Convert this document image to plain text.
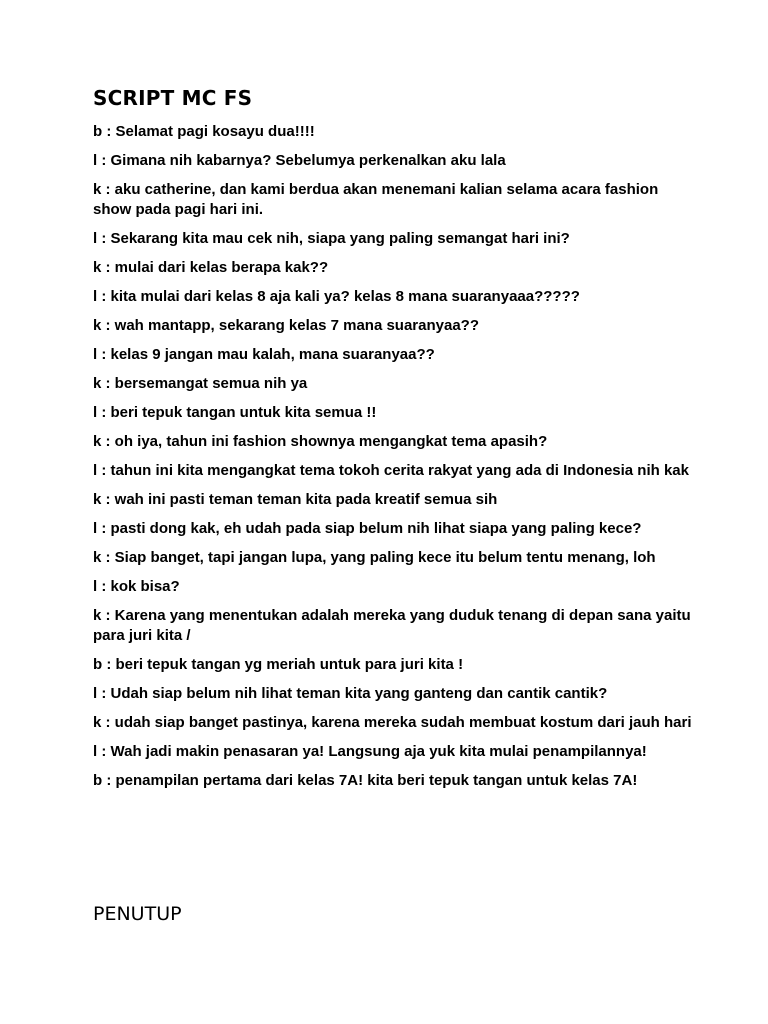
SCRIPT MC FS

b : Selamat pagi kosayu dua!!!!

l : Gimana nih kabarnya? Sebelumya perkenalkan aku lala

k : aku catherine, dan kami berdua akan menemani kalian selama acara fashion show pada pagi hari ini.

l : Sekarang kita mau cek nih, siapa yang paling semangat hari ini?

k : mulai dari kelas berapa kak??

l : kita mulai dari kelas 8 aja kali ya? kelas 8 mana suaranyaaa?????

k : wah mantapp, sekarang kelas 7 mana suaranyaa??

l : kelas 9 jangan mau kalah, mana suaranyaa??

k : bersemangat semua nih ya

l : beri tepuk tangan untuk kita semua !!

k : oh iya, tahun ini fashion shownya mengangkat tema apasih?

l : tahun ini kita mengangkat tema tokoh cerita rakyat yang ada di Indonesia nih kak

k : wah ini pasti teman teman kita pada kreatif semua sih

l : pasti dong kak, eh udah pada siap belum nih lihat siapa yang paling kece?

k : Siap banget, tapi jangan lupa, yang paling kece itu belum tentu menang, loh

l : kok bisa?

k : Karena yang menentukan adalah mereka yang duduk tenang di depan sana yaitu para juri kita /

b : beri tepuk tangan yg meriah untuk para juri kita !

l : Udah siap belum nih lihat teman kita yang ganteng dan cantik cantik?

k : udah siap banget pastinya, karena mereka sudah membuat kostum dari jauh hari

l : Wah jadi makin penasaran ya! Langsung aja yuk kita mulai penampilannya!

b : penampilan pertama dari kelas 7A! kita beri tepuk tangan untuk kelas 7A!

PENUTUP
